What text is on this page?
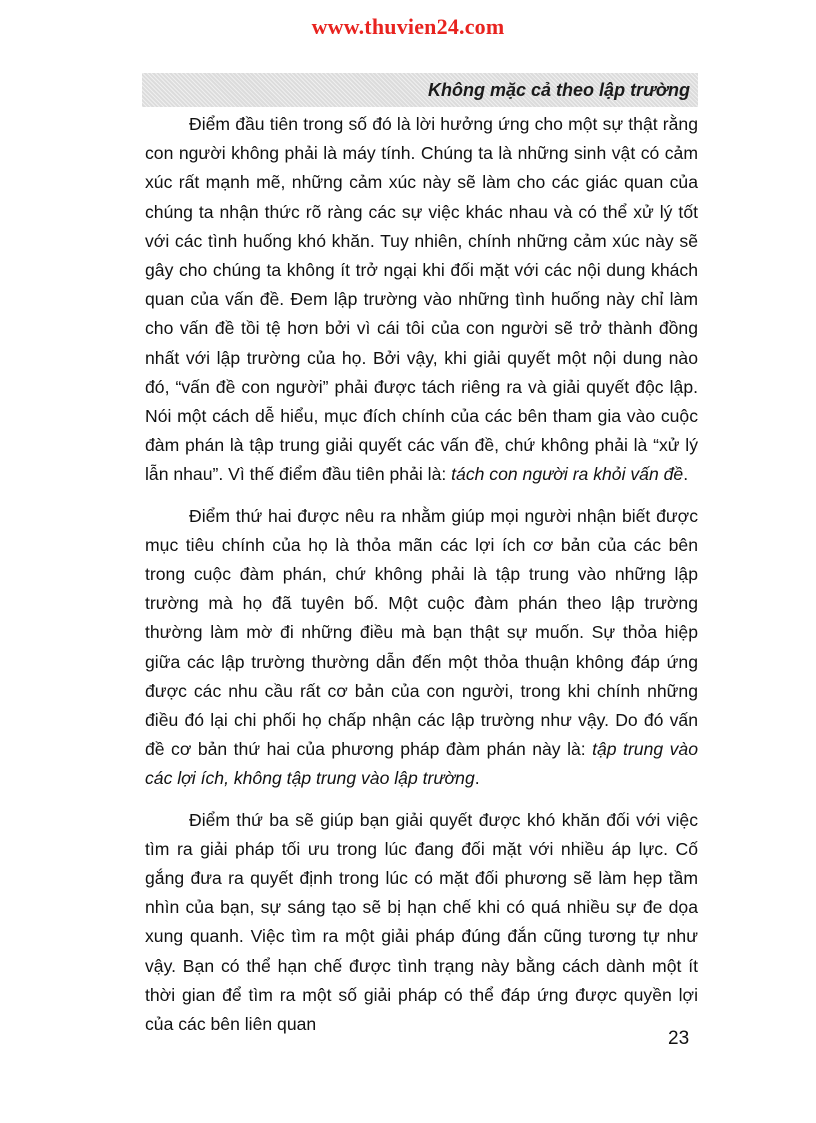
www.thuvien24.com
Không mặc cả theo lập trường

Điểm đầu tiên trong số đó là lời hưởng ứng cho một sự thật rằng con người không phải là máy tính. Chúng ta là những sinh vật có cảm xúc rất mạnh mẽ, những cảm xúc này sẽ làm cho các giác quan của chúng ta nhận thức rõ ràng các sự việc khác nhau và có thể xử lý tốt với các tình huống khó khăn. Tuy nhiên, chính những cảm xúc này sẽ gây cho chúng ta không ít trở ngại khi đối mặt với các nội dung khách quan của vấn đề. Đem lập trường vào những tình huống này chỉ làm cho vấn đề tồi tệ hơn bởi vì cái tôi của con người sẽ trở thành đồng nhất với lập trường của họ. Bởi vậy, khi giải quyết một nội dung nào đó, “vấn đề con người” phải được tách riêng ra và giải quyết độc lập. Nói một cách dễ hiểu, mục đích chính của các bên tham gia vào cuộc đàm phán là tập trung giải quyết các vấn đề, chứ không phải là “xử lý lẫn nhau”. Vì thế điểm đầu tiên phải là: tách con người ra khỏi vấn đề.

Điểm thứ hai được nêu ra nhằm giúp mọi người nhận biết được mục tiêu chính của họ là thỏa mãn các lợi ích cơ bản của các bên trong cuộc đàm phán, chứ không phải là tập trung vào những lập trường mà họ đã tuyên bố. Một cuộc đàm phán theo lập trường thường làm mờ đi những điều mà bạn thật sự muốn. Sự thỏa hiệp giữa các lập trường thường dẫn đến một thỏa thuận không đáp ứng được các nhu cầu rất cơ bản của con người, trong khi chính những điều đó lại chi phối họ chấp nhận các lập trường như vậy. Do đó vấn đề cơ bản thứ hai của phương pháp đàm phán này là: tập trung vào các lợi ích, không tập trung vào lập trường.

Điểm thứ ba sẽ giúp bạn giải quyết được khó khăn đối với việc tìm ra giải pháp tối ưu trong lúc đang đối mặt với nhiều áp lực. Cố gắng đưa ra quyết định trong lúc có mặt đối phương sẽ làm hẹp tầm nhìn của bạn, sự sáng tạo sẽ bị hạn chế khi có quá nhiều sự đe dọa xung quanh. Việc tìm ra một giải pháp đúng đắn cũng tương tự như vậy. Bạn có thể hạn chế được tình trạng này bằng cách dành một ít thời gian để tìm ra một số giải pháp có thể đáp ứng được quyền lợi của các bên liên quan

23
